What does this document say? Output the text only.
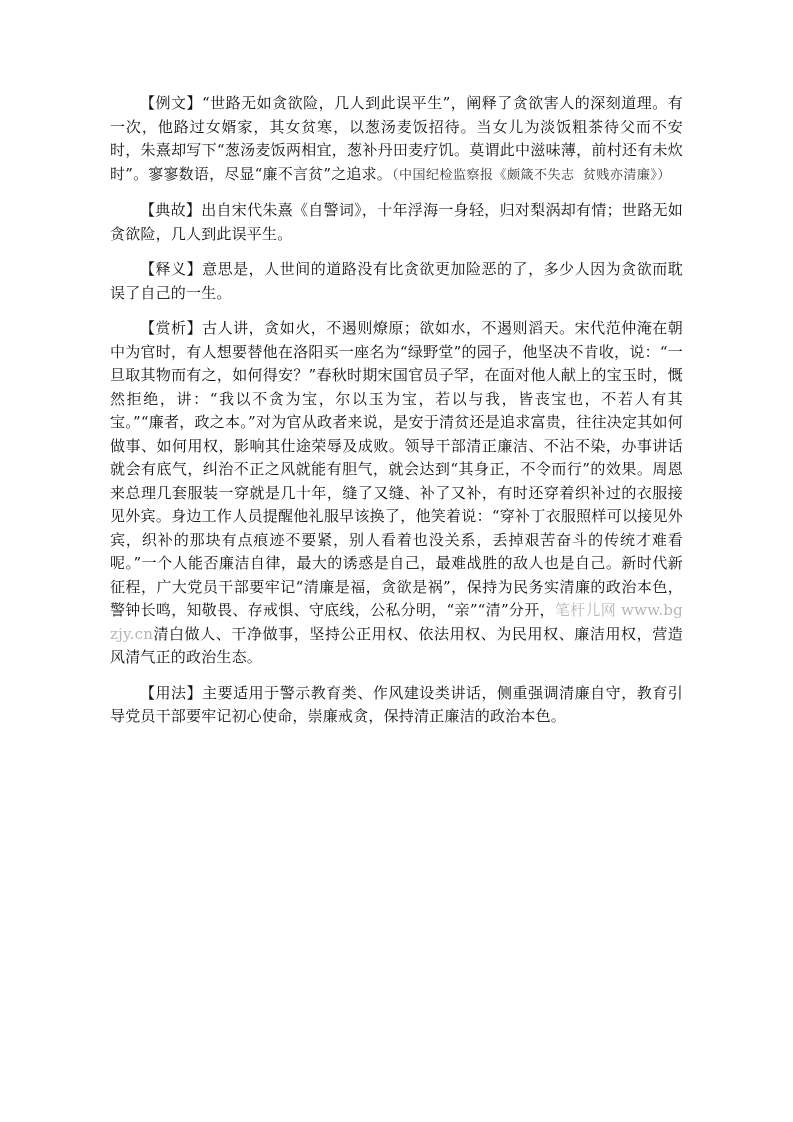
【例文】“世路无如贪欲险，几人到此误平生”，阐释了贪欲害人的深刻道理。有一次，他路过女婿家，其女贫寒，以葱汤麦饭招待。当女儿为淡饭粗茶待父而不安时，朱熹却写下“葱汤麦饭两相宜，葱补丹田麦疗饥。莫谓此中滋味薄，前村还有未炊时”。寥寥数语，尽显“廉不言贫”之追求。（中国纪检监察报《颇箴不失志 贫贱亦清廉》）

【典故】出自宋代朱熹《自警词》，十年浮海一身轻，归对梨涡却有情；世路无如贪欲险，几人到此误平生。

【释义】意思是，人世间的道路没有比贪欲更加险恶的了，多少人因为贪欲而耽误了自己的一生。

【赏析】古人讲，贪如火，不遏则燎原；欲如水，不遏则滔天。宋代范仲淹在朝中为官时，有人想要替他在洛阳买一座名为“绿野堂”的园子，他坚决不肯收，说：“一旦取其物而有之，如何得安？”春秋时期宋国官员子罕，在面对他人献上的宝玉时，慨然拒绝，讲：“我以不贪为宝，尔以玉为宝，若以与我，皆丧宝也，不若人有其宝。”“廉者，政之本。”对为官从政者来说，是安于清贫还是追求富贵，往往决定其如何做事、如何用权，影响其仕途荣辱及成败。领导干部清正廉洁、不沾不染，办事讲话就会有底气，纠治不正之风就能有胆气，就会达到“其身正，不令而行”的效果。周恩来总理几套服装一穿就是几十年，缝了又缝、补了又补，有时还穿着织补过的衣服接见外宾。身边工作人员提醒他礼服早该换了，他笑着说：“穿补丁衣服照样可以接见外宾，织补的那块有点痕迹不要紧，别人看着也没关系，丢掉艰苦奋斗的传统才难看呢。”一个人能否廉洁自律，最大的诱惑是自己，最难战胜的敌人也是自己。新时代新征程，广大党员干部要牢记“清廉是福，贪欲是祸”，保持为民务实清廉的政治本色，警钟长鸣，知敬畏、存戒惧、守底线，公私分明，“亲”“清”分开，笔杆儿网 www.bgzjy.cn清白做人、干净做事，坚持公正用权、依法用权、为民用权、廉洁用权，营造风清气正的政治生态。

【用法】主要适用于警示教育类、作风建设类讲话，侧重强调清廉自守，教育引导党员干部要牢记初心使命，崇廉戒贪，保持清正廉洁的政治本色。
